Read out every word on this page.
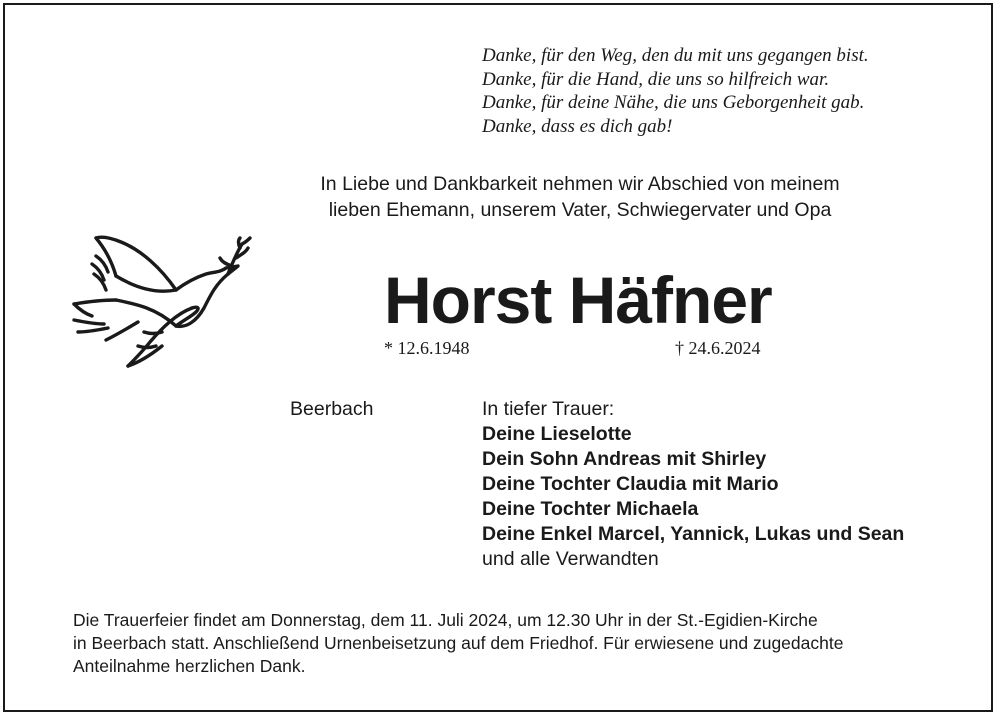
Danke, für den Weg, den du mit uns gegangen bist.
Danke, für die Hand, die uns so hilfreich war.
Danke, für deine Nähe, die uns Geborgenheit gab.
Danke, dass es dich gab!
In Liebe und Dankbarkeit nehmen wir Abschied von meinem
lieben Ehemann, unserem Vater, Schwiegervater und Opa
Horst Häfner
* 12.6.1948	† 24.6.2024
Beerbach	In tiefer Trauer:
Deine Lieselotte
Dein Sohn Andreas mit Shirley
Deine Tochter Claudia mit Mario
Deine Tochter Michaela
Deine Enkel Marcel, Yannick, Lukas und Sean
und alle Verwandten
Die Trauerfeier findet am Donnerstag, dem 11. Juli 2024, um 12.30 Uhr in der St.-Egidien-Kirche
in Beerbach statt. Anschließend Urnenbeisetzung auf dem Friedhof. Für erwiesene und zugedachte
Anteilnahme herzlichen Dank.
